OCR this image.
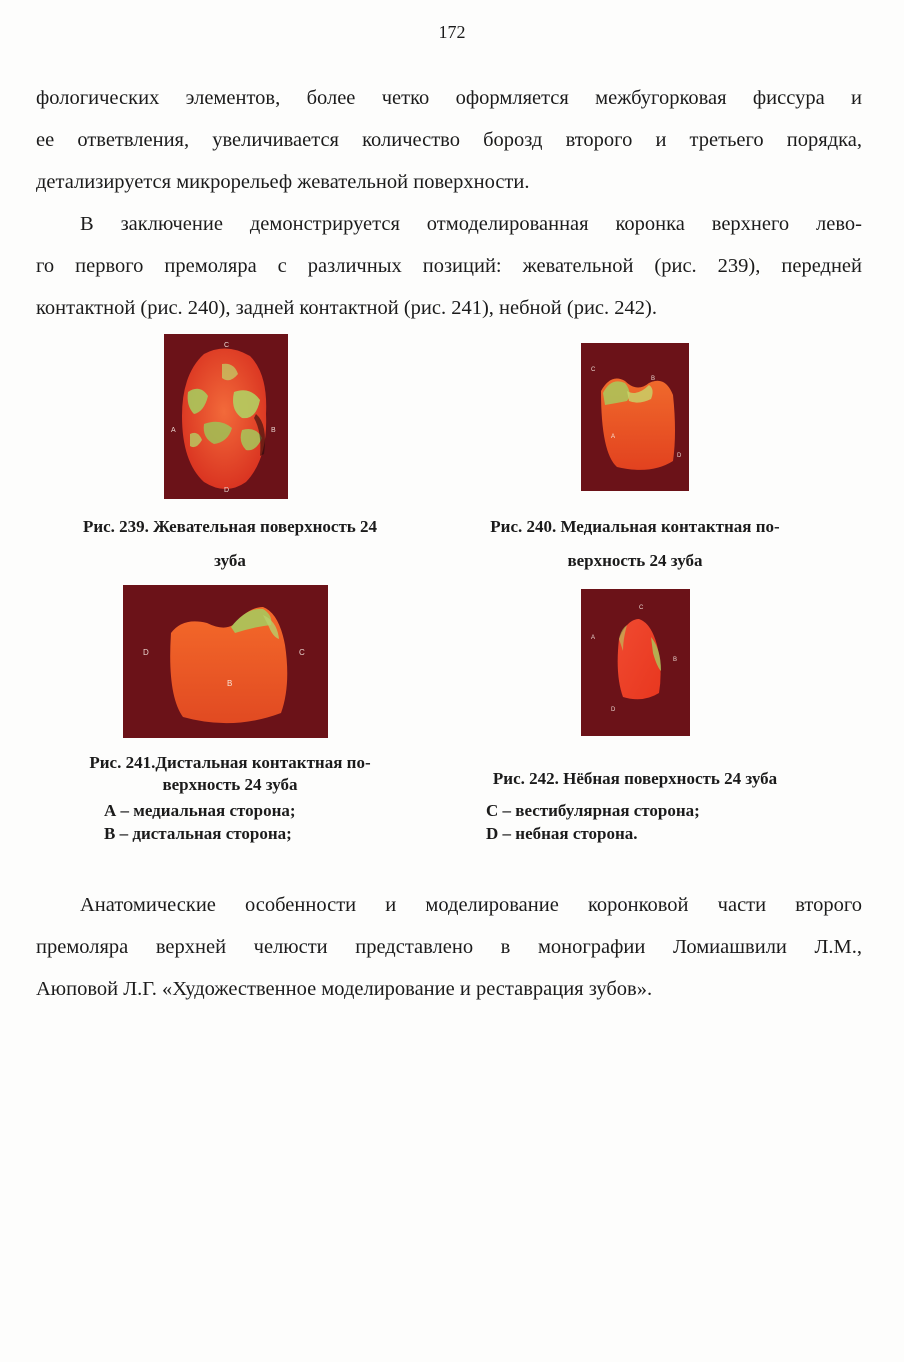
172
фологических элементов, более четко оформляется межбугорковая фиссура и
ее ответвления, увеличивается количество борозд второго и третьего порядка,
детализируется микрорельеф жевательной поверхности.
В заключение демонстрируется отмоделированная коронка верхнего лево-
го первого премоляра с различных позиций: жевательной (рис. 239), передней
контактной (рис. 240), задней контактной (рис. 241), небной (рис. 242).
C
A	B
D
C
B
A
D
Рис. 239. Жевательная поверхность 24
зуба
Рис. 240. Медиальная контактная по-
верхность 24 зуба
D	C
B
C
A
B
D
Рис. 241.Дистальная контактная по-
верхность 24 зуба	Рис. 242. Нёбная поверхность 24 зуба
А – медиальная сторона;
В – дистальная сторона;
С – вестибулярная сторона;
D – небная сторона.
Анатомические особенности и моделирование коронковой части второго
премоляра верхней челюсти представлено в монографии Ломиашвили Л.М.,
Аюповой Л.Г. «Художественное моделирование и реставрация зубов».
